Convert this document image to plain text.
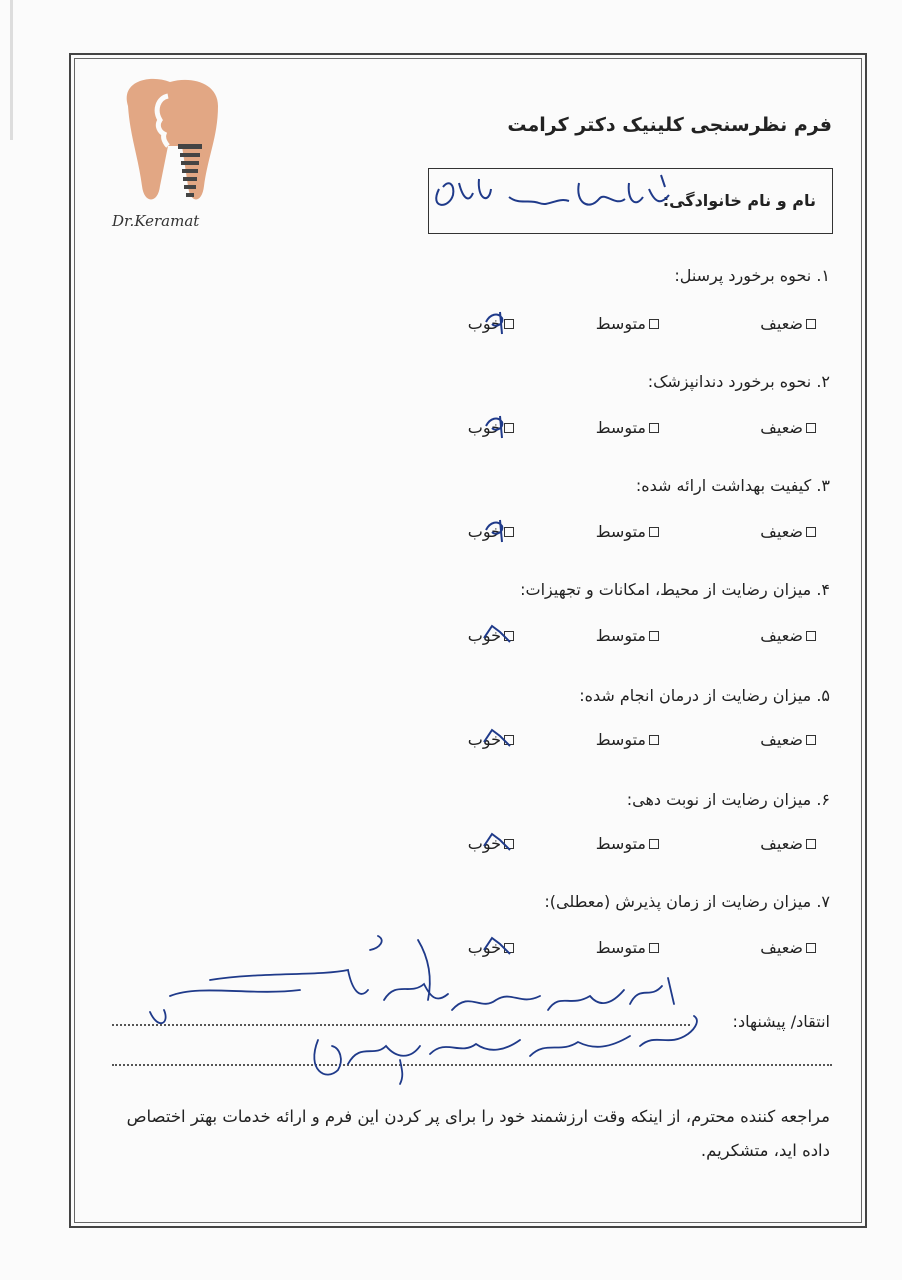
Dr.Keramat
فرم نظرسنجی کلینیک دکتر کرامت
نام و نام خانوادگی:
۱. نحوه برخورد پرسنل:
ضعیف
متوسط
خوب
۲. نحوه برخورد دندانپزشک:
ضعیف
متوسط
خوب
۳. کیفیت بهداشت ارائه شده:
ضعیف
متوسط
خوب
۴. میزان رضایت از محیط، امکانات و تجهیزات:
ضعیف
متوسط
خوب
۵. میزان رضایت از درمان انجام شده:
ضعیف
متوسط
خوب
۶. میزان رضایت از نوبت دهی:
ضعیف
متوسط
خوب
۷. میزان رضایت از زمان پذیرش (معطلی):
ضعیف
متوسط
خوب
انتقاد/ پیشنهاد:
مراجعه کننده محترم، از اینکه وقت ارزشمند خود را برای پر کردن این فرم و ارائه خدمات بهتر اختصاص داده اید، متشکریم.
